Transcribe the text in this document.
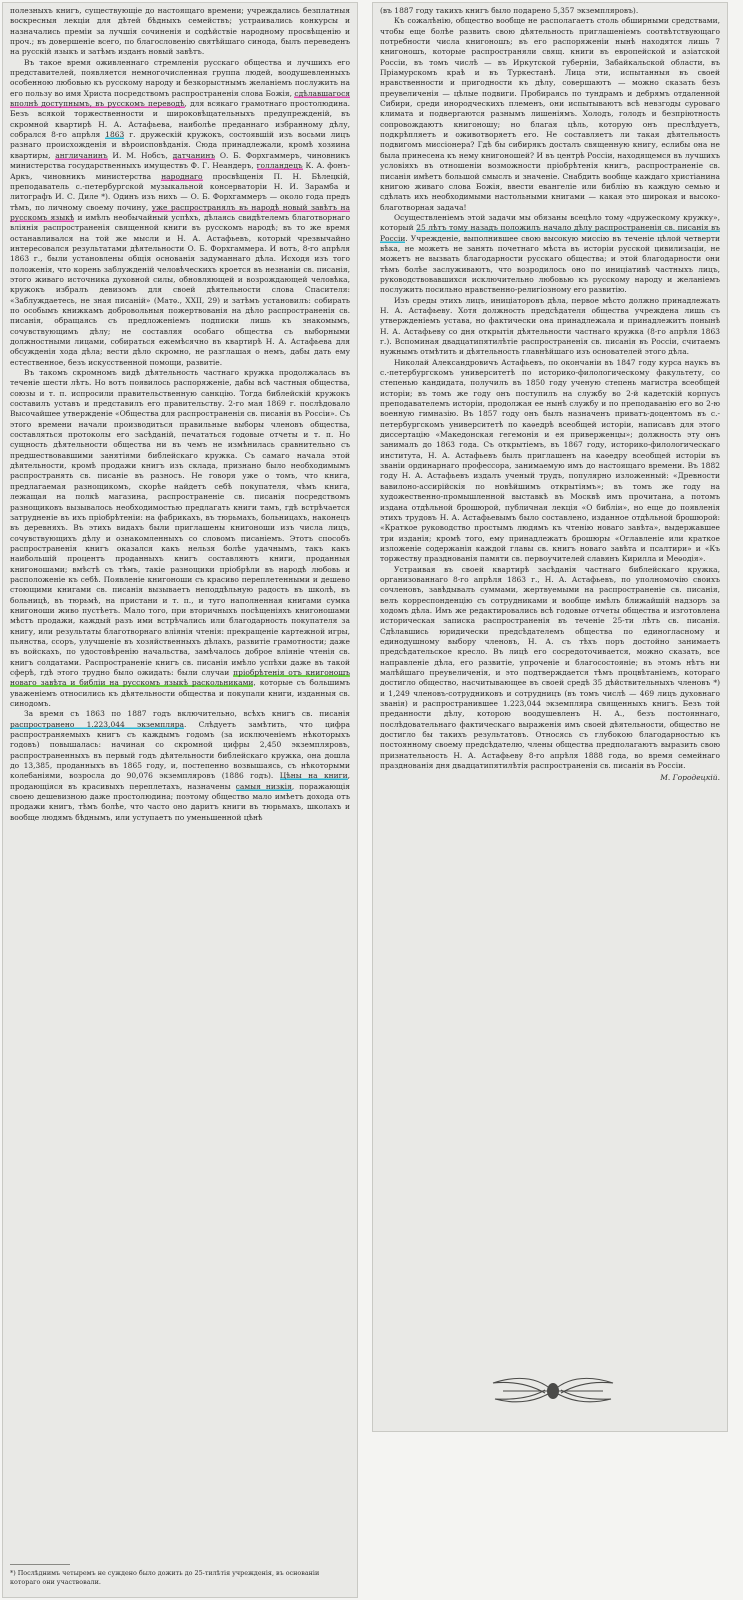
полезныхъ книгъ, существующіе до настоящаго времени; учреждались безплатныя воскресныя лекціи для дѣтей бѣдныхъ семействъ; устраивались конкурсы и назначались преміи за лучшія сочиненія и содѣйствіе народному просвѣщенію и проч.; въ довершеніе всего, по благословенію святѣйшаго синода, былъ переведенъ на русскій языкъ и затѣмъ изданъ новый завѣтъ.

Въ такое время оживленнаго стремленія русскаго общества и лучшихъ его представителей, появляется немногочисленная группа людей, воодушевленныхъ особенною любовью къ русскому народу и безкорыстнымъ желаніемъ послужить на его пользу во имя Христа посредствомъ распространенія слова Божія, сдѣлавшагося вполнѣ доступнымъ, въ русскомъ переводѣ, для всякаго грамотнаго простолюдина. Безъ всякой торжественности и широковѣщательныхъ предупрежденій, въ скромной квартирѣ Н. А. Астафьева, наиболѣе преданнаго избранному дѣлу, собрался 8-го апрѣля 1863 г. дружескій кружокъ, состоявшій изъ восьми лицъ разнаго происхожденія и вѣроисповѣданія. Сюда принадлежали, кромѣ хозяина квартиры, англичанинъ И. М. Нобсъ, датчанинъ О. Б. Форхгаммеръ, чиновникъ министерства государственныхъ имуществъ Ф. Г. Неандеръ, голландецъ К. А. фонъ-Аркъ, чиновникъ министерства народнаго просвѣщенія П. Н. Бѣлецкій, преподаватель с.-петербургской музыкальной консерваторіи Н. И. Зарамба и литографъ И. С. Диле *). Одинъ изъ нихъ — О. Б. Форхгаммеръ — около года предъ тѣмъ, по личному своему почину, уже распространялъ въ народѣ новый завѣтъ на русскомъ языкѣ и имѣлъ необычайный успѣхъ, дѣлаясь свидѣтелемъ благотворнаго вліянія распространенія священной книги въ русскомъ народѣ; въ то же время останавливался на той же мысли и Н. А. Астафьевъ, который чрезвычайно интересовался результатами дѣятельности О. Б. Форхгаммера. И вотъ, 8-го апрѣля 1863 г., были установлены общія основанія задуманнаго дѣла. Исходя изъ того положенія, что корень заблужденій человѣческихъ кроется въ незнаніи св. писанія, этого живаго источника духовной силы, обновляющей и возрождающей человѣка, кружокъ избралъ девизомъ для своей дѣятельности слова Спасителя: «Заблуждаетесь, не зная писаній» (Матѳ., XXII, 29) и затѣмъ установилъ: собирать по особымъ книжкамъ добровольныя пожертвованія на дѣло распространенія св. писанія, обращаясь съ предложеніемъ подписки лишь къ знакомымъ, сочувствующимъ дѣлу; не составляя особаго общества съ выборными должностными лицами, собираться ежемѣсячно въ квартирѣ Н. А. Астафьева для обсужденія хода дѣла; вести дѣло скромно, не разглашая о немъ, дабы дать ему естественное, безъ искусственной помощи, развитіе.

Въ такомъ скромномъ видѣ дѣятельность частнаго кружка продолжалась въ теченіе шести лѣтъ. Но вотъ появилось распоряженіе, дабы всѣ частныя общества, союзы и т. п. испросили правительственную санкцію. Тогда библейскій кружокъ составилъ уставъ и представилъ его правительству. 2-го мая 1869 г. послѣдовало Высочайшее утвержденіе «Общества для распространенія св. писанія въ Россіи». Съ этого времени начали производиться правильные выборы членовъ общества, составляться протоколы его засѣданій, печататься годовые отчеты и т. п. Но сущность дѣятельности общества ни въ чемъ не измѣнилась сравнительно съ предшествовавшими занятіями библейскаго кружка. Съ самаго начала этой дѣятельности, кромѣ продажи книгъ изъ склада, признано было необходимымъ распространять св. писаніе въ разносъ. Не говоря уже о томъ, что книга, предлагаемая разнощикомъ, скорѣе найдетъ себѣ покупателя, чѣмъ книга, лежащая на полкѣ магазина, распространеніе св. писанія посредствомъ разнощиковъ вызывалось необходимостью предлагать книги тамъ, гдѣ встрѣчается затрудненіе въ ихъ пріобрѣтеніи: на фабрикахъ, въ тюрьмахъ, больницахъ, наконецъ въ деревняхъ. Въ этихъ видахъ были приглашены книгоноши изъ числа лицъ, сочувствующихъ дѣлу и ознакомленныхъ со словомъ писаніемъ. Этотъ способъ распространенія книгъ оказался какъ нельзя болѣе удачнымъ, такъ какъ наибольшій процентъ проданныхъ книгъ составляютъ книги, проданныя книгоношами; вмѣстѣ съ тѣмъ, такіе разнощики пріобрѣли въ народѣ любовь и расположеніе къ себѣ. Появленіе книгоноши съ красиво переплетенными и дешево стоющими книгами св. писанія вызываетъ неподдѣльную радость въ школѣ, въ больницѣ, въ тюрьмѣ, на пристани и т. п., и туго наполненная книгами сумка книгоноши живо пустѣетъ. Мало того, при вторичныхъ посѣщеніяхъ книгоношами мѣстъ продажи, каждый разъ ими встрѣчались или благодарность покупателя за книгу, или результаты благотворнаго вліянія чтенія: прекращеніе картежной игры, пьянства, ссоръ, улучшеніе въ хозяйственныхъ дѣлахъ, развитіе грамотности; даже въ войскахъ, по удостовѣренію начальства, замѣчалось доброе вліяніе чтенія св. книгъ солдатами. Распространеніе книгъ св. писанія имѣло успѣхи даже въ такой сферѣ, гдѣ этого трудно было ожидать: были случаи пріобрѣтенія отъ книгоношъ новаго завѣта и библіи на русскомъ языкѣ раскольниками, которые съ большимъ уваженіемъ относились къ дѣятельности общества и покупали книги, изданныя св. синодомъ.

За время съ 1863 по 1887 годъ включительно, всѣхъ книгъ св. писанія распространено 1.223,044 экземпляра. Слѣдуетъ замѣтить, что цифра распространяемыхъ книгъ съ каждымъ годомъ (за исключеніемъ нѣкоторыхъ годовъ) повышалась: начиная со скромной цифры 2,450 экземпляровъ, распространенныхъ въ первый годъ дѣятельности библейскаго кружка, она дошла до 13,385, проданныхъ въ 1865 году, и, постепенно возвышаясь, съ нѣкоторыми колебаніями, возросла до 90,076 экземпляровъ (1886 годъ). Цѣны на книги, продающіяся въ красивыхъ переплетахъ, назначены самыя низкія, поражающія своею дешевизною даже простолюдина; поэтому общество мало имѣетъ дохода отъ продажи книгъ, тѣмъ болѣе, что часто оно даритъ книги въ тюрьмахъ, школахъ и вообще людямъ бѣднымъ, или уступаетъ по уменьшенной цѣнѣ

*) Послѣднимъ четыремъ не суждено было дожить до 25-тилѣтія учрежденія, въ основаніи котораго они участвовали.

(въ 1887 году такихъ книгъ было подарено 5,357 экземпляровъ).

Къ сожалѣнію, общество вообще не располагаетъ столь обширными средствами, чтобы еще болѣе развить свою дѣятельность приглашеніемъ соотвѣтствующаго потребности числа книгоношъ; въ его распоряженіи нынѣ находятся лишь 7 книгоношъ, которые распространяли свящ. книги въ европейской и азіатской Россіи, въ томъ числѣ — въ Иркутской губерніи, Забайкальской области, въ Пріамурскомъ краѣ и въ Туркестанѣ. Лица эти, испытанныя въ своей нравственности и пригодности къ дѣлу, совершаютъ — можно сказать безъ преувеличенія — цѣлые подвиги. Пробираясь по тундрамъ и дебрямъ отдаленной Сибири, среди инородческихъ племенъ, они испытываютъ всѣ невзгоды суроваго климата и подвергаются разнымъ лишеніямъ. Холодъ, голодъ и безпріютность сопровождаютъ книгоношу; но благая цѣль, которую онъ преслѣдуетъ, подкрѣпляетъ и оживотворяетъ его. Не составляетъ ли такая дѣятельность подвигомъ миссіонера? Гдѣ бы сибирякъ досталъ священную книгу, еслибы она не была принесена къ нему книгоношей? И въ центрѣ Россіи, находящемся въ лучшихъ условіяхъ въ отношеніи возможности пріобрѣтенія книгъ, распространеніе св. писанія имѣетъ большой смыслъ и значеніе. Снабдить вообще каждаго христіанина книгою живаго слова Божія, ввести евангеліе или библію въ каждую семью и сдѣлать ихъ необходимыми настольными книгами — какая это широкая и высоко-благотворная задача!

Осуществленіемъ этой задачи мы обязаны всецѣло тому «дружескому кружку», который 25 лѣтъ тому назадъ положилъ начало дѣлу распространенія св. писанія въ Россіи. Учрежденіе, выполнившее свою высокую миссію въ теченіе цѣлой четверти вѣка, не можетъ не занять почетнаго мѣста въ исторіи русской цивилизаціи, не можетъ не вызвать благодарности русскаго общества; и этой благодарности они тѣмъ болѣе заслуживаютъ, что возродилось оно по иниціативѣ частныхъ лицъ, руководствовавшихся исключительно любовью къ русскому народу и желаніемъ послужить посильно нравственно-религіозному его развитію.

Изъ среды этихъ лицъ, иниціаторовъ дѣла, первое мѣсто должно принадлежать Н. А. Астафьеву. Хотя должность предсѣдателя общества учреждена лишь съ утвержденіемъ устава, но фактически она принадлежала и принадлежитъ понынѣ Н. А. Астафьеву со дня открытія дѣятельности частнаго кружка (8-го апрѣля 1863 г.). Вспоминая двадцатипятилѣтіе распространенія св. писанія въ Россіи, считаемъ нужнымъ отмѣтить и дѣятельность главнѣйшаго изъ основателей этого дѣла.

Николай Александровичъ Астафьевъ, по окончаніи въ 1847 году курса наукъ въ с.-петербургскомъ университетѣ по историко-филологическому факультету, со степенью кандидата, получилъ въ 1850 году ученую степень магистра всеобщей исторіи; въ томъ же году онъ поступилъ на службу во 2-й кадетскій корпусъ преподавателемъ исторіи, продолжая ее нынѣ службу и по преподаванію его во 2-ю военную гимназію. Въ 1857 году онъ былъ назначенъ приватъ-доцентомъ въ с.-петербургскомъ университетѣ по каѳедрѣ всеобщей исторіи, написавъ для этого диссертацію «Македонская гегемонія и ея приверженцы»; должность эту онъ занималъ до 1863 года. Съ открытіемъ, въ 1867 году, историко-филологическаго института, Н. А. Астафьевъ былъ приглашенъ на каѳедру всеобщей исторіи въ званіи ординарнаго профессора, занимаемую имъ до настоящаго времени. Въ 1882 году Н. А. Астафьевъ издалъ ученый трудъ, популярно изложенный: «Древности вавилоно-ассирійскія по новѣйшимъ открытіямъ»; въ томъ же году на художественно-промышленной выставкѣ въ Москвѣ имъ прочитана, а потомъ издана отдѣльной брошюрой, публичная лекція «О библіи», но еще до появленія этихъ трудовъ Н. А. Астафьевымъ было составлено, изданное отдѣльной брошюрой: «Краткое руководство простымъ людямъ къ чтенію новаго завѣта», выдержавшее три изданія; кромѣ того, ему принадлежатъ брошюры «Оглавленіе или краткое изложеніе содержанія каждой главы св. книгъ новаго завѣта и псалтири» и «Къ торжеству празднованія памяти св. первоучителей славянъ Кирилла и Меѳодія».

Устраивая въ своей квартирѣ засѣданія частнаго библейскаго кружка, организованнаго 8-го апрѣля 1863 г., Н. А. Астафьевъ, по уполномочію своихъ сочленовъ, завѣдывалъ суммами, жертвуемыми на распространеніе св. писанія, велъ корреспонденцію съ сотрудниками и вообще имѣлъ ближайшій надзоръ за ходомъ дѣла. Имъ же редактировались всѣ годовые отчеты общества и изготовлена историческая записка распространенія въ теченіе 25-ти лѣтъ св. писанія. Сдѣлавшись юридически предсѣдателемъ общества по единогласному и единодушному выбору членовъ, Н. А. съ тѣхъ поръ достойно занимаетъ предсѣдательское кресло. Въ лицѣ его сосредоточивается, можно сказать, все направленіе дѣла, его развитіе, упроченіе и благосостояніе; въ этомъ нѣтъ ни малѣйшаго преувеличенія, и это подтверждается тѣмъ процвѣтаніемъ, котораго достигло общество, насчитывающее въ своей средѣ 35 дѣйствительныхъ членовъ *) и 1,249 членовъ-сотрудниковъ и сотрудницъ (въ томъ числѣ — 469 лицъ духовнаго званія) и распространившее 1.223,044 экземпляра священныхъ книгъ. Безъ той преданности дѣлу, которою воодушевленъ Н. А., безъ постояннаго, послѣдовательнаго фактическаго выраженія имъ своей дѣятельности, общество не достигло бы такихъ результатовъ. Относясь съ глубокою благодарностью къ постоянному своему предсѣдателю, члены общества предполагаютъ выразить свою признательность Н. А. Астафьеву 8-го апрѣля 1888 года, во время семейнаго празднованія дня двадцатипятилѣтія распространенія св. писанія въ Россіи.

М. Городецкій.
